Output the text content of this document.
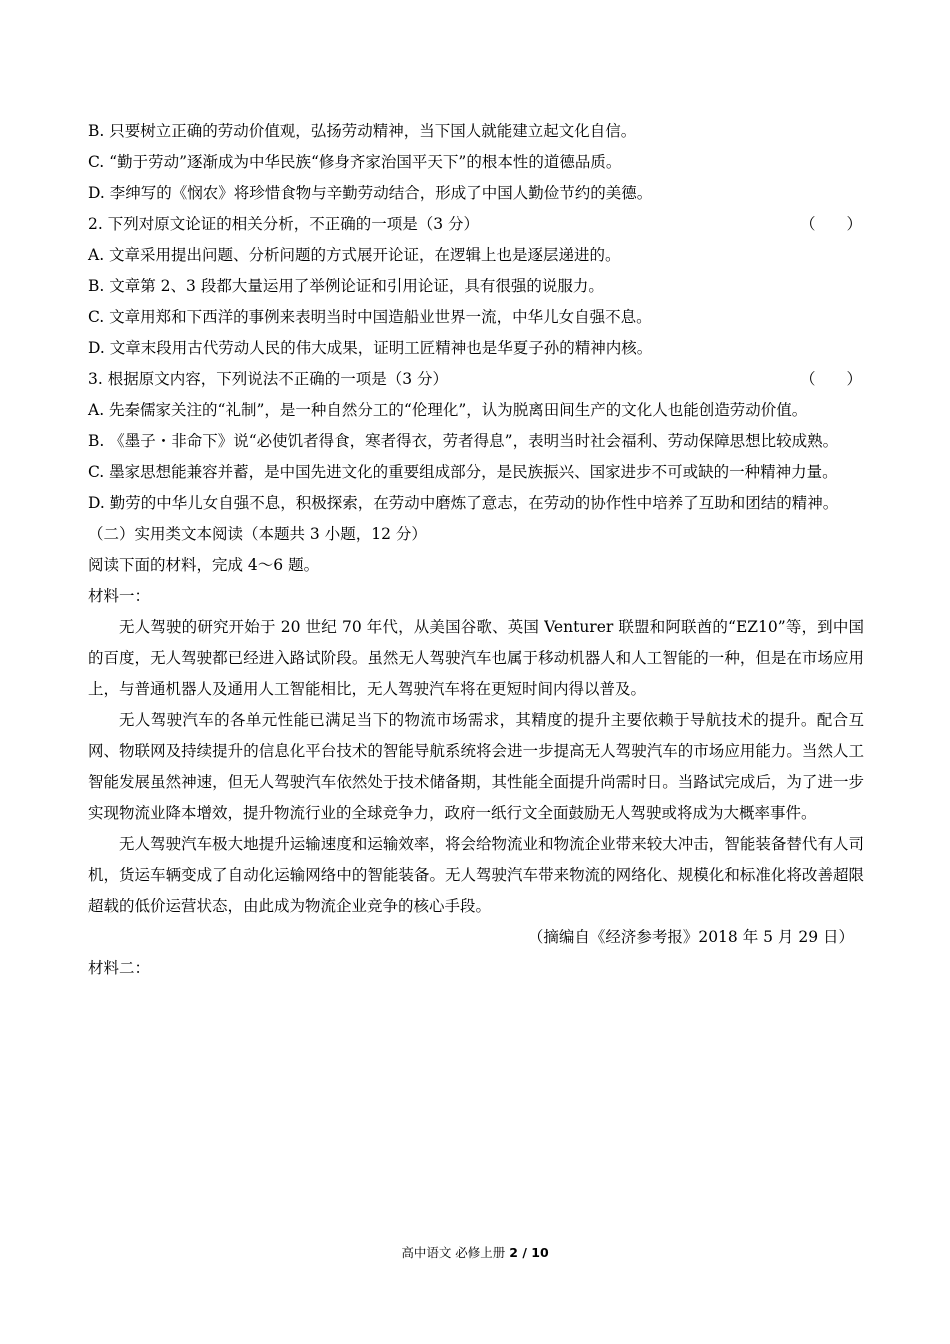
B. 只要树立正确的劳动价值观，弘扬劳动精神，当下国人就能建立起文化自信。

C. “勤于劳动”逐渐成为中华民族“修身齐家治国平天下”的根本性的道德品质。

D. 李绅写的《悯农》将珍惜食物与辛勤劳动结合，形成了中国人勤俭节约的美德。

2. 下列对原文论证的相关分析，不正确的一项是（3 分）	（　　）

A. 文章采用提出问题、分析问题的方式展开论证，在逻辑上也是逐层递进的。

B. 文章第 2、3 段都大量运用了举例论证和引用论证，具有很强的说服力。

C. 文章用郑和下西洋的事例来表明当时中国造船业世界一流，中华儿女自强不息。

D. 文章末段用古代劳动人民的伟大成果，证明工匠精神也是华夏子孙的精神内核。

3. 根据原文内容，下列说法不正确的一项是（3 分）	（　　）

A. 先秦儒家关注的“礼制”，是一种自然分工的“伦理化”，认为脱离田间生产的文化人也能创造劳动价值。

B. 《墨子・非命下》说“必使饥者得食，寒者得衣，劳者得息”，表明当时社会福利、劳动保障思想比较成熟。

C. 墨家思想能兼容并蓄，是中国先进文化的重要组成部分，是民族振兴、国家进步不可或缺的一种精神力量。

D. 勤劳的中华儿女自强不息，积极探索，在劳动中磨炼了意志，在劳动的协作性中培养了互助和团结的精神。

（二）实用类文本阅读（本题共 3 小题，12 分）

阅读下面的材料，完成 4～6 题。

材料一：

无人驾驶的研究开始于 20 世纪 70 年代，从美国谷歌、英国 Venturer 联盟和阿联酋的“EZ10”等，到中国的百度，无人驾驶都已经进入路试阶段。虽然无人驾驶汽车也属于移动机器人和人工智能的一种，但是在市场应用上，与普通机器人及通用人工智能相比，无人驾驶汽车将在更短时间内得以普及。

无人驾驶汽车的各单元性能已满足当下的物流市场需求，其精度的提升主要依赖于导航技术的提升。配合互网、物联网及持续提升的信息化平台技术的智能导航系统将会进一步提高无人驾驶汽车的市场应用能力。当然人工智能发展虽然神速，但无人驾驶汽车依然处于技术储备期，其性能全面提升尚需时日。当路试完成后，为了进一步实现物流业降本增效，提升物流行业的全球竞争力，政府一纸行文全面鼓励无人驾驶或将成为大概率事件。

无人驾驶汽车极大地提升运输速度和运输效率，将会给物流业和物流企业带来较大冲击，智能装备替代有人司机，货运车辆变成了自动化运输网络中的智能装备。无人驾驶汽车带来物流的网络化、规模化和标准化将改善超限超载的低价运营状态，由此成为物流企业竞争的核心手段。

（摘编自《经济参考报》2018 年 5 月 29 日）

材料二：

高中语文 必修上册 2 / 10
